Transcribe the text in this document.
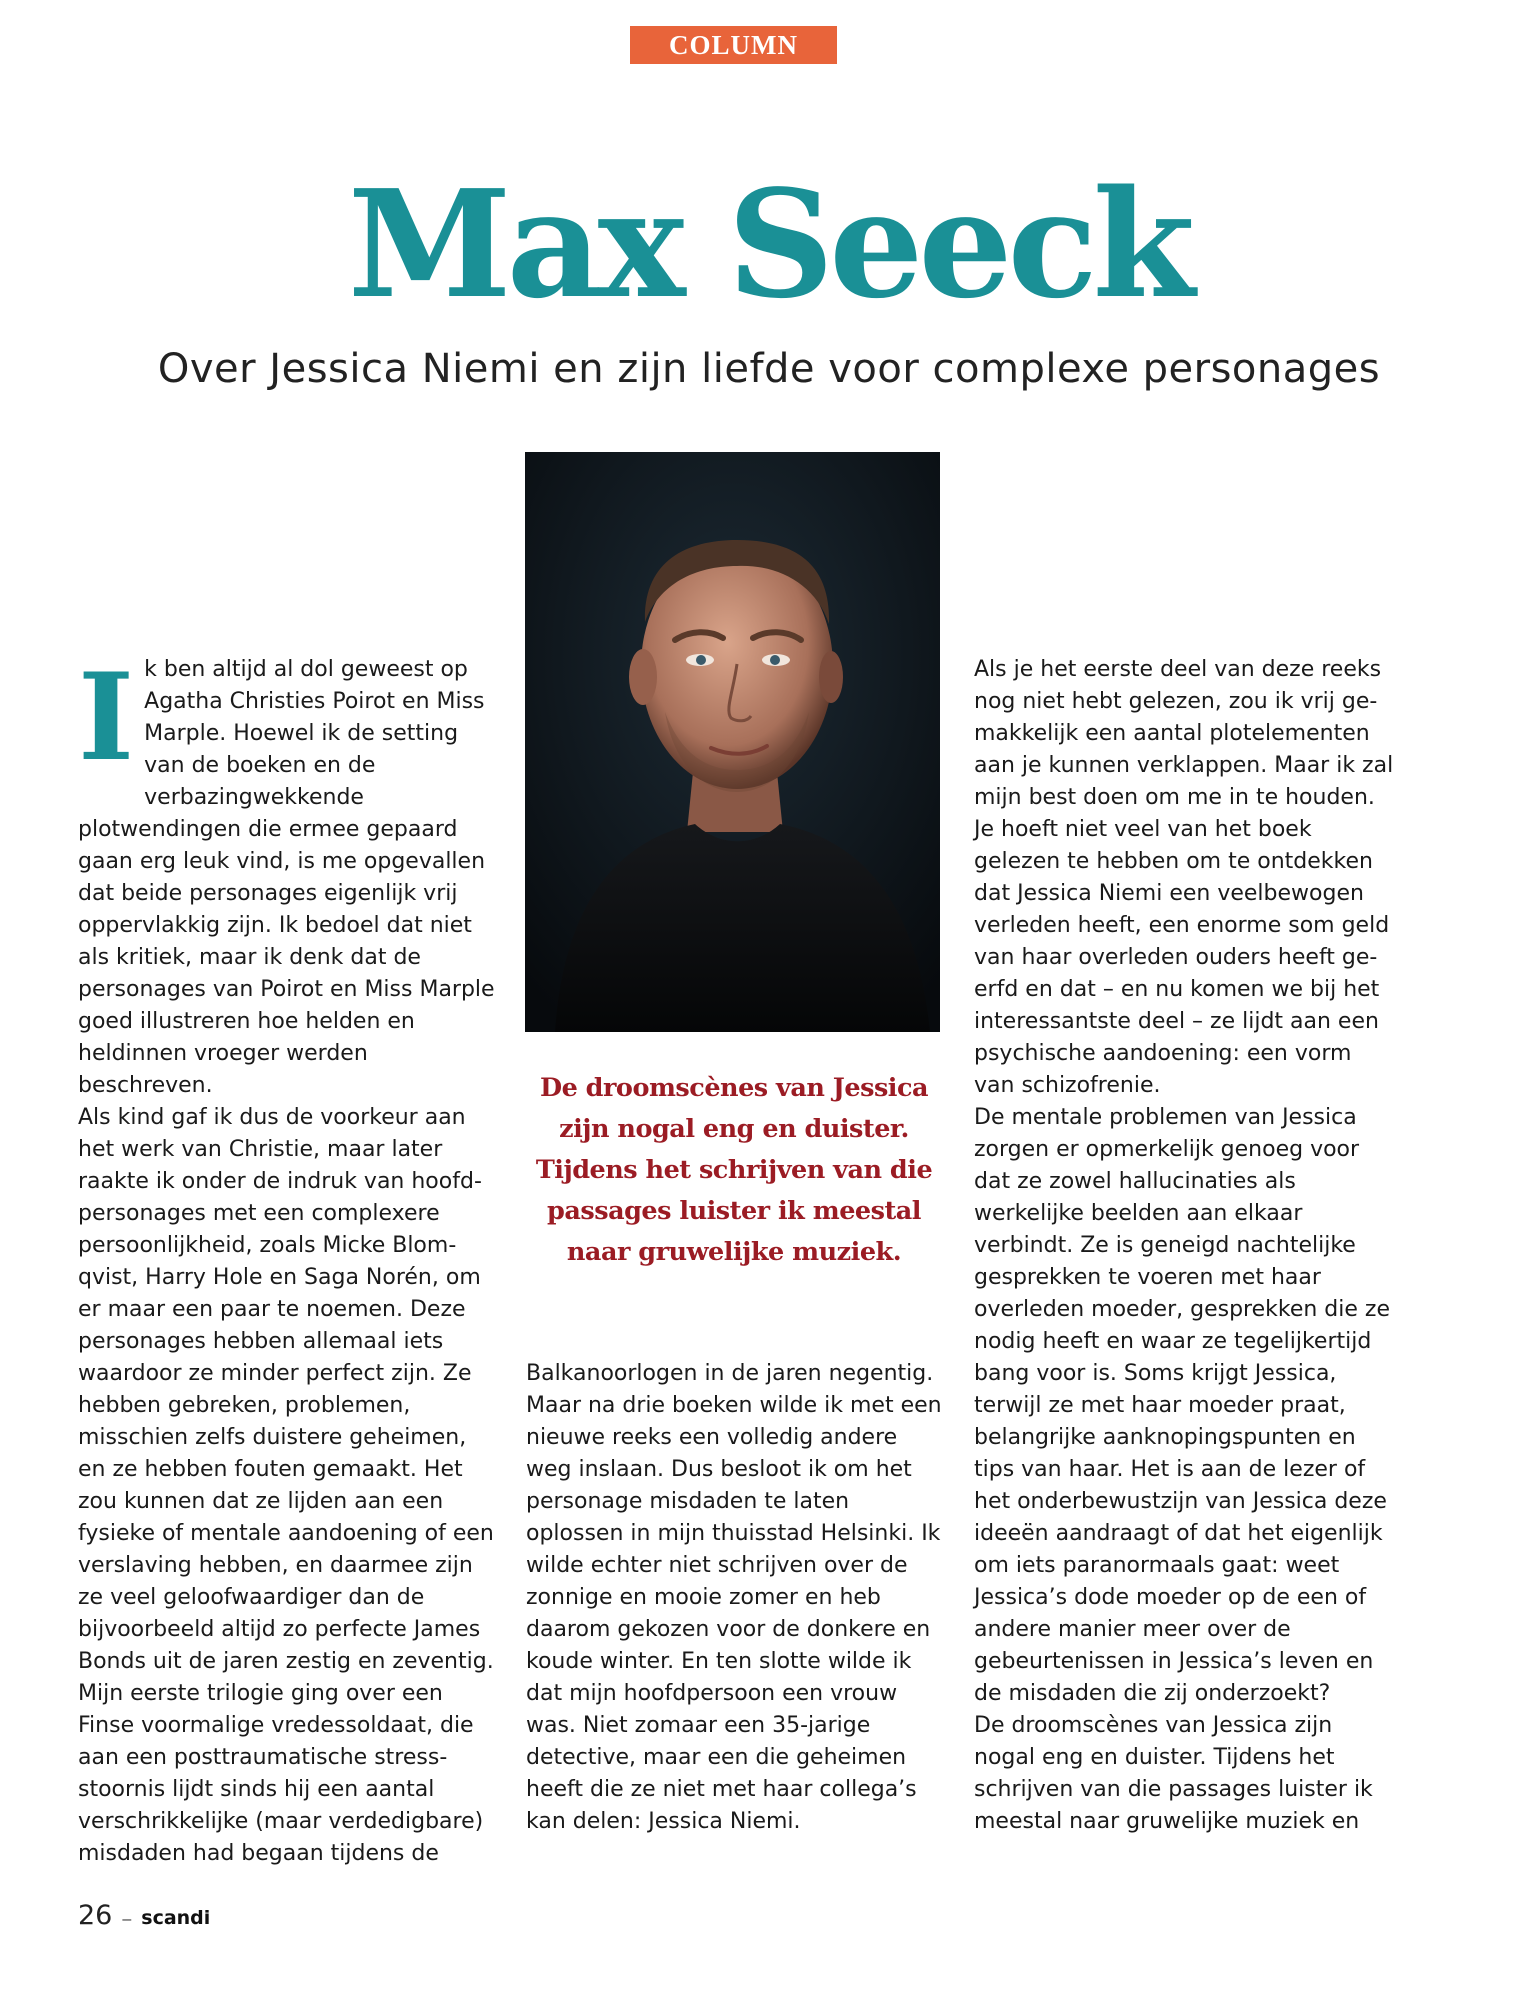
COLUMN
Max Seeck
Over Jessica Niemi en zijn liefde voor complexe personages
I k ben altijd al dol geweest op Agatha Christies Poirot en Miss Marple. Hoewel ik de setting van de boeken en de verbazingwekkende plotwendingen die ermee gepaard gaan erg leuk vind, is me opgevallen dat beide personages eigenlijk vrij oppervlakkig zijn. Ik bedoel dat niet als kritiek, maar ik denk dat de personages van Poirot en Miss Marple goed illustreren hoe helden en heldinnen vroeger werden beschreven.

Als kind gaf ik dus de voorkeur aan het werk van Christie, maar later raakte ik onder de indruk van hoofdpersonages met een complexere persoonlijkheid, zoals Micke Blomqvist, Harry Hole en Saga Norén, om er maar een paar te noemen. Deze personages hebben allemaal iets waardoor ze minder perfect zijn. Ze hebben gebreken, problemen, misschien zelfs duistere geheimen, en ze hebben fouten gemaakt. Het zou kunnen dat ze lijden aan een fysieke of mentale aandoening of een verslaving hebben, en daarmee zijn ze veel geloofwaardiger dan de bijvoorbeeld altijd zo perfecte James Bonds uit de jaren zestig en zeventig. Mijn eerste trilogie ging over een Finse voormalige vredessoldaat, die aan een posttraumatische stressstoornis lijdt sinds hij een aantal verschrikkelijke (maar verdedigbare) misdaden had begaan tijdens de

De droomscènes van Jessica zijn nogal eng en duister. Tijdens het schrijven van die passages luister ik meestal naar gruwelijke muziek.

Balkanoorlogen in de jaren negentig. Maar na drie boeken wilde ik met een nieuwe reeks een volledig andere weg inslaan. Dus besloot ik om het personage misdaden te laten oplossen in mijn thuisstad Helsinki. Ik wilde echter niet schrijven over de zonnige en mooie zomer en heb daarom gekozen voor de donkere en koude winter. En ten slotte wilde ik dat mijn hoofdpersoon een vrouw was. Niet zomaar een 35-jarige detective, maar een die geheimen heeft die ze niet met haar collega’s kan delen: Jessica Niemi.

Als je het eerste deel van deze reeks nog niet hebt gelezen, zou ik vrij gemakkelijk een aantal plotelementen aan je kunnen verklappen. Maar ik zal mijn best doen om me in te houden. Je hoeft niet veel van het boek gelezen te hebben om te ontdekken dat Jessica Niemi een veelbewogen verleden heeft, een enorme som geld van haar overleden ouders heeft geerfd en dat – en nu komen we bij het interessantste deel – ze lijdt aan een psychische aandoening: een vorm van schizofrenie.

De mentale problemen van Jessica zorgen er opmerkelijk genoeg voor dat ze zowel hallucinaties als werkelijke beelden aan elkaar verbindt. Ze is geneigd nachtelijke gesprekken te voeren met haar overleden moeder, gesprekken die ze nodig heeft en waar ze tegelijkertijd bang voor is. Soms krijgt Jessica, terwijl ze met haar moeder praat, belangrijke aanknopingspunten en tips van haar. Het is aan de lezer of het onderbewustzijn van Jessica deze ideeën aandraagt of dat het eigenlijk om iets paranormaals gaat: weet Jessica’s dode moeder op de een of andere manier meer over de gebeurtenissen in Jessica’s leven en de misdaden die zij onderzoekt?

De droomscènes van Jessica zijn nogal eng en duister. Tijdens het schrijven van die passages luister ik meestal naar gruwelijke muziek en

26 – scandi
